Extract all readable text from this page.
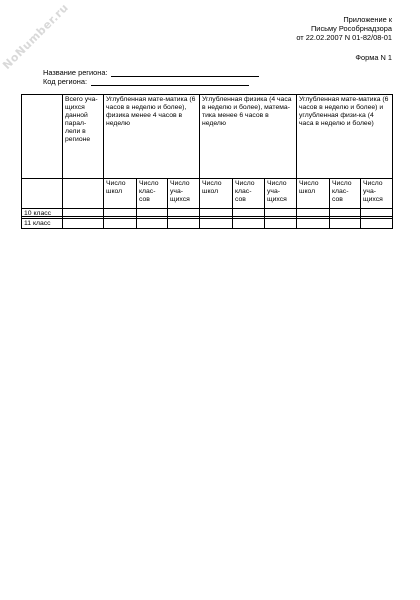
NoNumber.ru	Приложение к
Письму Рособрнадзора
от 22.02.2007 N 01-82/08-01
Форма N 1
Название региона:
Код региона:
	Всего уча-щихся данной парал-лели в регионе	Углубленная мате-матика (6 часов в неделю и более), физика менее 4 часов в неделю			Углубленная физика (4 часа в неделю и более), матема-тика менее 6 часов в неделю			Углубленная мате-матика (6 часов в неделю и более) и углубленная физи-ка (4 часа в неделю и более)		
		Число школ	Число клас-сов	Число уча-щихся	Число школ	Число клас-сов	Число уча-щихся	Число школ	Число клас-сов	Число уча-щихся
10 класс										
11 класс										
